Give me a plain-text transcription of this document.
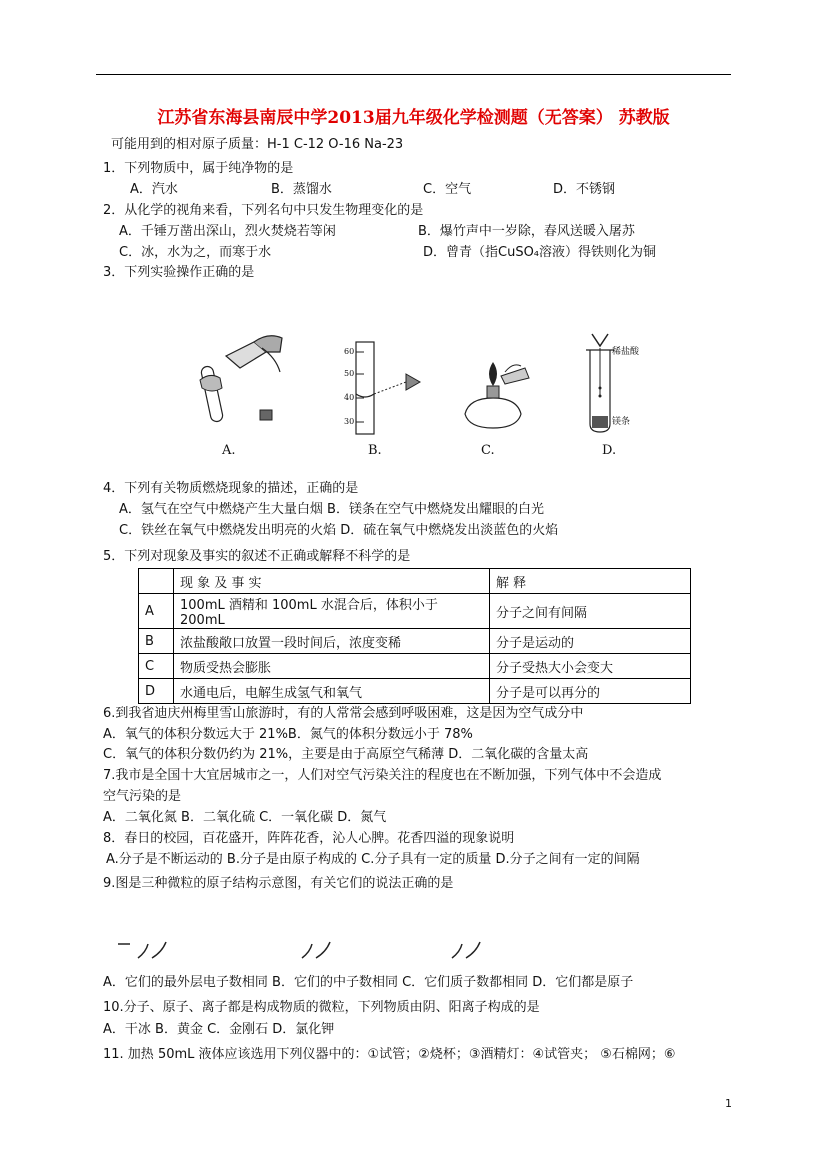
江苏省东海县南辰中学2013届九年级化学检测题（无答案） 苏教版
可能用到的相对原子质量：H-1 C-12 O-16 Na-23
1．下列物质中，属于纯净物的是
A．汽水	B．蒸馏水	C．空气	D．不锈钢
2．从化学的视角来看，下列名句中只发生物理变化的是
A．千锤万凿出深山，烈火焚烧若等闲	B．爆竹声中一岁除，春风送暖入屠苏
C．冰，水为之，而寒于水	D．曾青（指CuSO₄溶液）得铁则化为铜
3．下列实验操作正确的是
A.
60
50
40
30
B.	C.
稀盐酸
镁条
D.
4．下列有关物质燃烧现象的描述，正确的是
A．氢气在空气中燃烧产生大量白烟 B．镁条在空气中燃烧发出耀眼的白光
C．铁丝在氧气中燃烧发出明亮的火焰 D．硫在氧气中燃烧发出淡蓝色的火焰
5．下列对现象及事实的叙述不正确或解释不科学的是
	现 象 及 事 实	解 释
A	100mL 酒精和 100mL 水混合后，体积小于 200mL	分子之间有间隔
B	浓盐酸敞口放置一段时间后，浓度变稀	分子是运动的
C	物质受热会膨胀	分子受热大小会变大
D	水通电后，电解生成氢气和氧气	分子是可以再分的
6.到我省迪庆州梅里雪山旅游时，有的人常常会感到呼吸困难，这是因为空气成分中
A．氧气的体积分数远大于 21%B．氮气的体积分数远小于 78%
C．氧气的体积分数仍约为 21%，主要是由于高原空气稀薄 D．二氧化碳的含量太高
7.我市是全国十大宜居城市之一，人们对空气污染关注的程度也在不断加强，下列气体中不会造成
空气污染的是
A．二氧化氮 B．二氧化硫 C．一氧化碳 D．氮气
8．春日的校园，百花盛开，阵阵花香，沁人心脾。花香四溢的现象说明
A.分子是不断运动的 B.分子是由原子构成的 C.分子具有一定的质量 D.分子之间有一定的间隔
9.图是三种微粒的原子结构示意图，有关它们的说法正确的是
A．它们的最外层电子数相同 B．它们的中子数相同 C．它们质子数都相同 D．它们都是原子
10.分子、原子、离子都是构成物质的微粒，下列物质由阴、阳离子构成的是
A．干冰 B．黄金 C．金刚石 D．氯化钾
11. 加热 50mL 液体应该选用下列仪器中的：①试管；②烧杯；③酒精灯：④试管夹； ⑤石棉网；⑥
1
